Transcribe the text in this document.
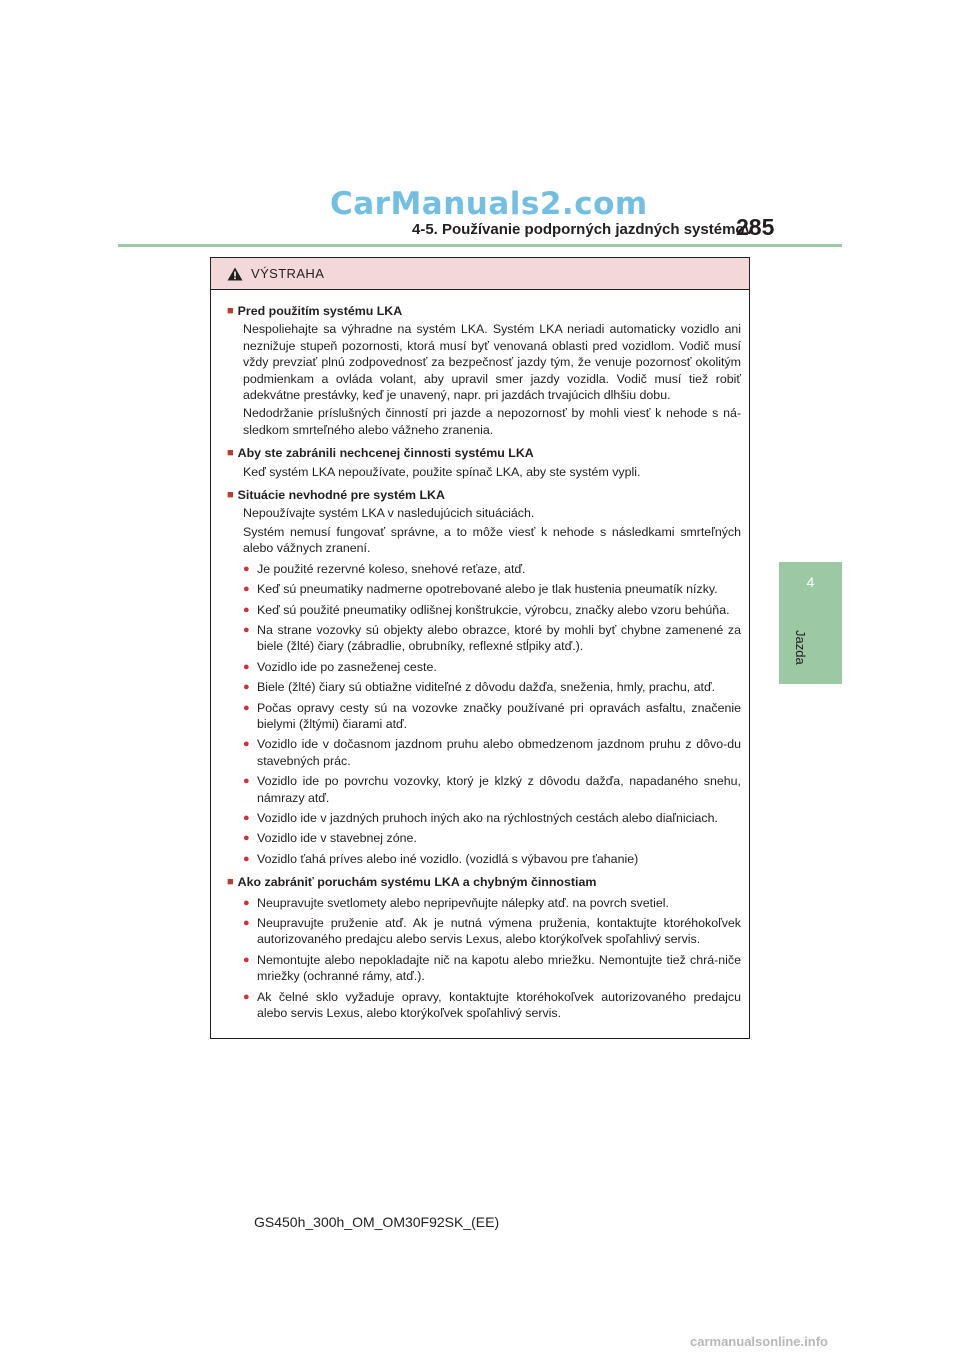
CarManuals2.com
4-5. Používanie podporných jazdných systémov
285
4
Jazda
VÝSTRAHA
■ Pred použitím systému LKA
Nespoliehajte sa výhradne na systém LKA. Systém LKA neriadi automaticky vozidlo ani neznižuje stupeň pozornosti, ktorá musí byť venovaná oblasti pred vozidlom. Vodič musí vždy prevziať plnú zodpovednosť za bezpečnosť jazdy tým, že venuje pozornosť okolitým podmienkam a ovláda volant, aby upravil smer jazdy vozidla. Vodič musí tiež robiť adekvátne prestávky, keď je unavený, napr. pri jazdách trvajúcich dlhšiu dobu.
Nedodržanie príslušných činností pri jazde a nepozornosť by mohli viesť k nehode s ná-sledkom smrteľného alebo vážneho zranenia.
■ Aby ste zabránili nechcenej činnosti systému LKA
Keď systém LKA nepoužívate, použite spínač LKA, aby ste systém vypli.
■ Situácie nevhodné pre systém LKA
Nepoužívajte systém LKA v nasledujúcich situáciách.
Systém nemusí fungovať správne, a to môže viesť k nehode s následkami smrteľných alebo vážnych zranení.
● Je použité rezervné koleso, snehové reťaze, atď.
● Keď sú pneumatiky nadmerne opotrebované alebo je tlak hustenia pneumatík nízky.
● Keď sú použité pneumatiky odlišnej konštrukcie, výrobcu, značky alebo vzoru behúňa.
● Na strane vozovky sú objekty alebo obrazce, ktoré by mohli byť chybne zamenené za biele (žlté) čiary (zábradlie, obrubníky, reflexné stĺpiky atď.).
● Vozidlo ide po zasneženej ceste.
● Biele (žlté) čiary sú obtiažne viditeľné z dôvodu dažďa, sneženia, hmly, prachu, atď.
● Počas opravy cesty sú na vozovke značky používané pri opravách asfaltu, značenie bielymi (žltými) čiarami atď.
● Vozidlo ide v dočasnom jazdnom pruhu alebo obmedzenom jazdnom pruhu z dôvo-du stavebných prác.
● Vozidlo ide po povrchu vozovky, ktorý je klzký z dôvodu dažďa, napadaného snehu, námrazy atď.
● Vozidlo ide v jazdných pruhoch iných ako na rýchlostných cestách alebo diaľniciach.
● Vozidlo ide v stavebnej zóne.
● Vozidlo ťahá príves alebo iné vozidlo. (vozidlá s výbavou pre ťahanie)
■ Ako zabrániť poruchám systému LKA a chybným činnostiam
● Neupravujte svetlomety alebo nepripevňujte nálepky atď. na povrch svetiel.
● Neupravujte pruženie atď. Ak je nutná výmena pruženia, kontaktujte ktoréhokoľvek autorizovaného predajcu alebo servis Lexus, alebo ktorýkoľvek spoľahlivý servis.
● Nemontujte alebo nepokladajte nič na kapotu alebo mriežku. Nemontujte tiež chrá-niče mriežky (ochranné rámy, atď.).
● Ak čelné sklo vyžaduje opravy, kontaktujte ktoréhokoľvek autorizovaného predajcu alebo servis Lexus, alebo ktorýkoľvek spoľahlivý servis.
GS450h_300h_OM_OM30F92SK_(EE)
carmanualsonline.info
